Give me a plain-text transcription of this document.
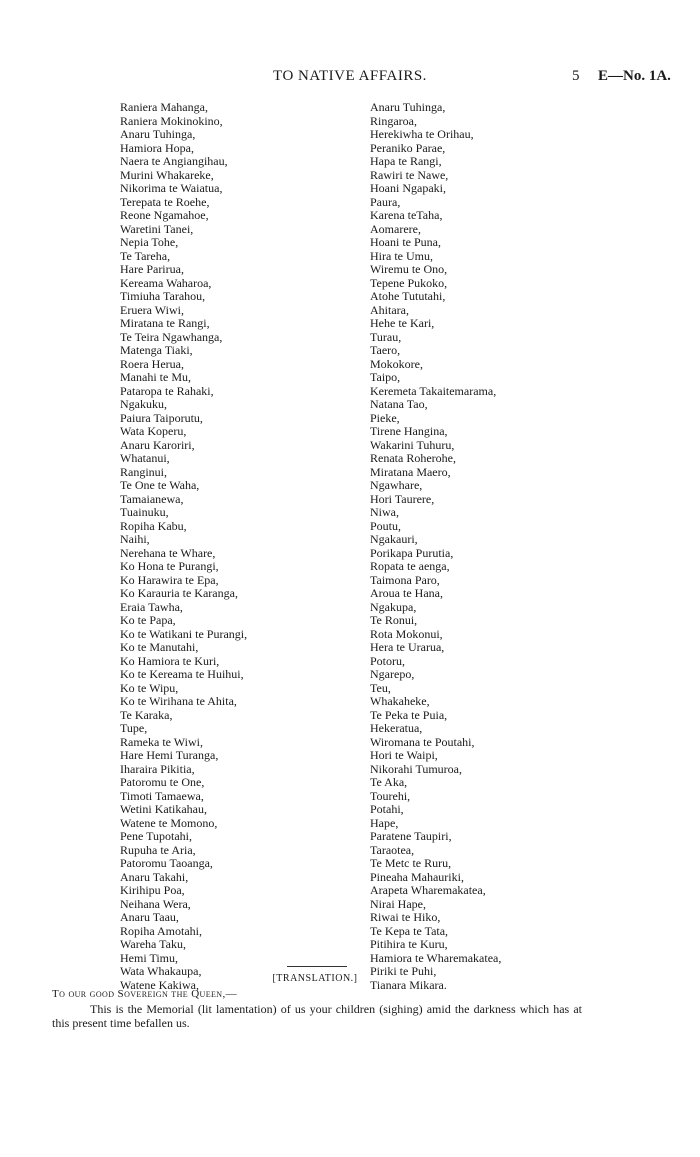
TO NATIVE AFFAIRS.	5 E—No. 1A.
Raniera Mahanga,
Raniera Mokinokino,
Anaru Tuhinga,
Hamiora Hopa,
Naera te Angiangihau,
Murini Whakareke,
Nikorima te Waiatua,
Terepata te Roehe,
Reone Ngamahoe,
Waretini Tanei,
Nepia Tohe,
Te Tareha,
Hare Parirua,
Kereama Waharoa,
Timiuha Tarahou,
Eruera Wiwi,
Miratana te Rangi,
Te Teira Ngawhanga,
Matenga Tiaki,
Roera Herua,
Manahi te Mu,
Pataropa te Rahaki,
Ngakuku,
Paiura Taiporutu,
Wata Koperu,
Anaru Karoriri,
Whatanui,
Ranginui,
Te One te Waha,
Tamaianewa,
Tuainuku,
Ropiha Kabu,
Naihi,
Nerehana te Whare,
Ko Hona te Purangi,
Ko Harawira te Epa,
Ko Karauria te Karanga,
Eraia Tawha,
Ko te Papa,
Ko te Watikani te Purangi,
Ko te Manutahi,
Ko Hamiora te Kuri,
Ko te Kereama te Huihui,
Ko te Wipu,
Ko te Wirihana te Ahita,
Te Karaka,
Tupe,
Rameka te Wiwi,
Hare Hemi Turanga,
Iharaira Pikitia,
Patoromu te One,
Timoti Tamaewa,
Wetini Katikahau,
Watene te Momono,
Pene Tupotahi,
Rupuha te Aria,
Patoromu Taoanga,
Anaru Takahi,
Kirihipu Poa,
Neihana Wera,
Anaru Taau,
Ropiha Amotahi,
Wareha Taku,
Hemi Timu,
Wata Whakaupa,
Watene Kakiwa,
Anaru Tuhinga,
Ringaroa,
Herekiwha te Orihau,
Peraniko Parae,
Hapa te Rangi,
Rawiri te Nawe,
Hoani Ngapaki,
Paura,
Karena teTaha,
Aomarere,
Hoani te Puna,
Hira te Umu,
Wiremu te Ono,
Tepene Pukoko,
Atohe Tututahi,
Ahitara,
Hehe te Kari,
Turau,
Taero,
Mokokore,
Taipo,
Keremeta Takaitemarama,
Natana Tao,
Pieke,
Tirene Hangina,
Wakarini Tuhuru,
Renata Roherohe,
Miratana Maero,
Ngawhare,
Hori Taurere,
Niwa,
Poutu,
Ngakauri,
Porikapa Purutia,
Ropata te aenga,
Taimona Paro,
Aroua te Hana,
Ngakupa,
Te Ronui,
Rota Mokonui,
Hera te Urarua,
Potoru,
Ngarepo,
Teu,
Whakaheke,
Te Peka te Puia,
Hekeratua,
Wiromana te Poutahi,
Hori te Waipi,
Nikorahi Tumuroa,
Te Aka,
Tourehi,
Potahi,
Hape,
Paratene Taupiri,
Taraotea,
Te Metc te Ruru,
Pineaha Mahauriki,
Arapeta Wharemakatea,
Nirai Hape,
Riwai te Hiko,
Te Kepa te Tata,
Pitihira te Kuru,
Hamiora te Wharemakatea,
Piriki te Puhi,
Tianara Mikara.
[TRANSLATION.]
To our good Sovereign the Queen,—

This is the Memorial (lit lamentation) of us your children (sighing) amid the darkness which has at this present time befallen us.
